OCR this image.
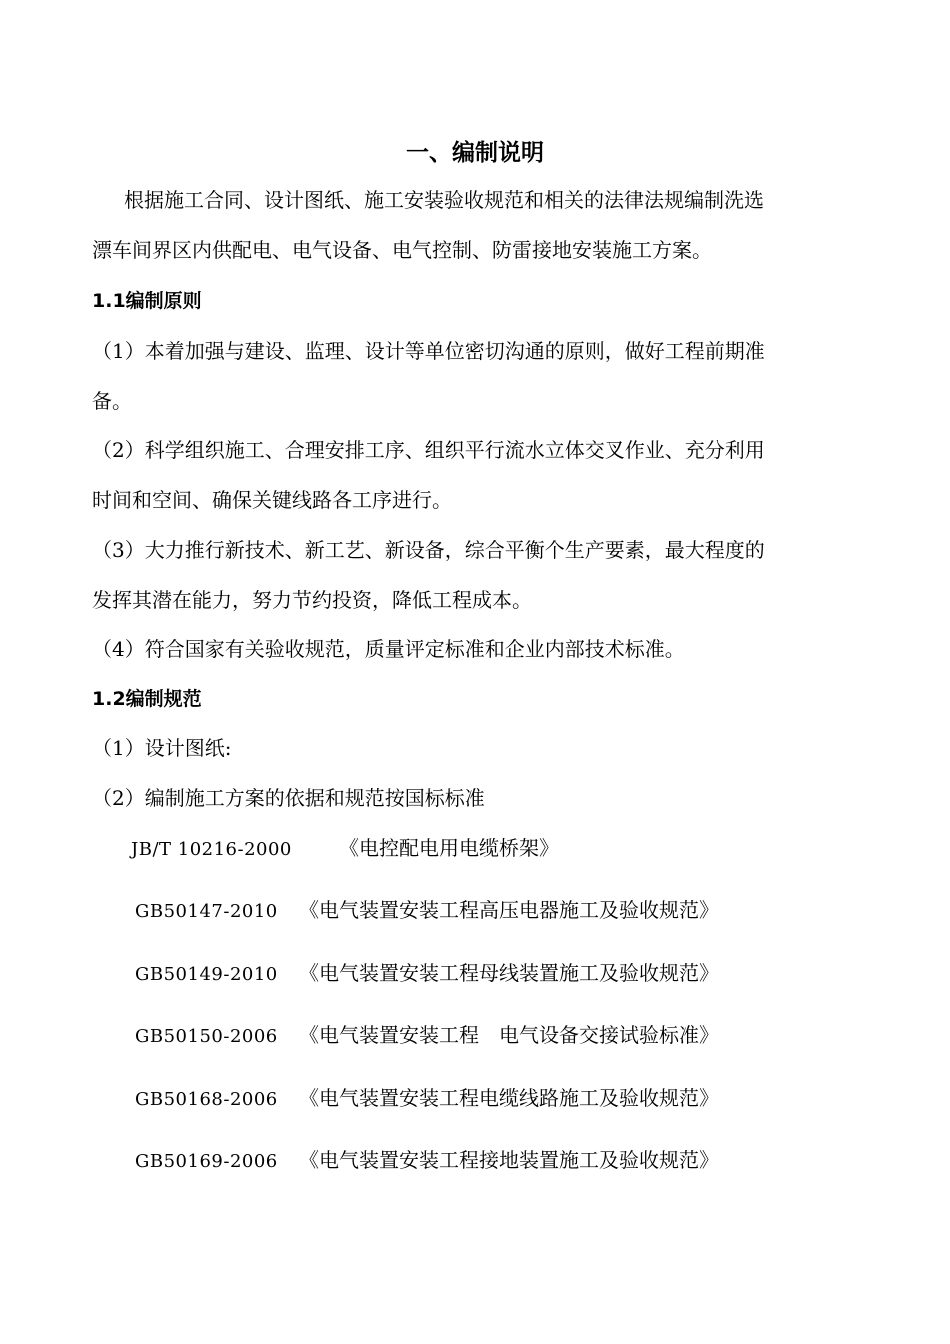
一、编制说明
根据施工合同、设计图纸、施工安装验收规范和相关的法律法规编制洗选
漂车间界区内供配电、电气设备、电气控制、防雷接地安装施工方案。
1.1编制原则
（1）本着加强与建设、监理、设计等单位密切沟通的原则，做好工程前期准
备。
（2）科学组织施工、合理安排工序、组织平行流水立体交叉作业、充分利用
时间和空间、确保关键线路各工序进行。
（3）大力推行新技术、新工艺、新设备，综合平衡个生产要素，最大程度的
发挥其潜在能力，努力节约投资，降低工程成本。
（4）符合国家有关验收规范，质量评定标准和企业内部技术标准。
1.2编制规范
（1）设计图纸:
（2）编制施工方案的依据和规范按国标标准
JB/T 10216-2000 《电控配电用电缆桥架》
GB50147-2010 《电气装置安装工程高压电器施工及验收规范》
GB50149-2010 《电气装置安装工程母线装置施工及验收规范》
GB50150-2006 《电气装置安装工程　电气设备交接试验标准》
GB50168-2006 《电气装置安装工程电缆线路施工及验收规范》
GB50169-2006 《电气装置安装工程接地装置施工及验收规范》
